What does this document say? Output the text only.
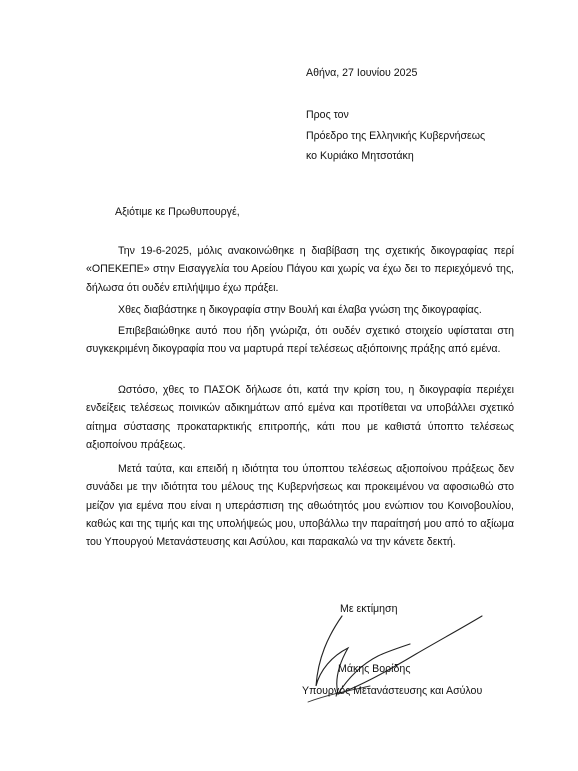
Αθήνα, 27 Ιουνίου 2025
Προς τον
Πρόεδρο της Ελληνικής Κυβερνήσεως
κο Κυριάκο Μητσοτάκη
Αξιότιμε κε Πρωθυπουργέ,

Την 19-6-2025, μόλις ανακοινώθηκε η διαβίβαση της σχετικής δικογραφίας περί «ΟΠΕΚΕΠΕ» στην Εισαγγελία του Αρείου Πάγου και χωρίς να έχω δει το περιεχόμενό της, δήλωσα ότι ουδέν επιλήψιμο έχω πράξει.

Χθες διαβάστηκε η δικογραφία στην Βουλή και έλαβα γνώση της δικογραφίας.

Επιβεβαιώθηκε αυτό που ήδη γνώριζα, ότι ουδέν σχετικό στοιχείο υφίσταται στη συγκεκριμένη δικογραφία που να μαρτυρά περί τελέσεως αξιόποινης πράξης από εμένα.

Ωστόσο, χθες το ΠΑΣΟΚ δήλωσε ότι, κατά την κρίση του, η δικογραφία περιέχει ενδείξεις τελέσεως ποινικών αδικημάτων από εμένα και προτίθεται να υποβάλλει σχετικό αίτημα σύστασης προκαταρκτικής επιτροπής, κάτι που με καθιστά ύποπτο τελέσεως αξιοποίνου πράξεως.

Μετά ταύτα, και επειδή η ιδιότητα του ύποπτου τελέσεως αξιοποίνου πράξεως δεν συνάδει με την ιδιότητα του μέλους της Κυβερνήσεως και προκειμένου να αφοσιωθώ στο μείζον για εμένα που είναι η υπεράσπιση της αθωότητός μου ενώπιον του Κοινοβουλίου, καθώς και της τιμής και της υπολήψεώς μου, υποβάλλω την παραίτησή μου από το αξίωμα του Υπουργού Μετανάστευσης και Ασύλου, και παρακαλώ να την κάνετε δεκτή.

Με εκτίμηση
Μάκης Βορίδης
Υπουργός Μετανάστευσης και Ασύλου
